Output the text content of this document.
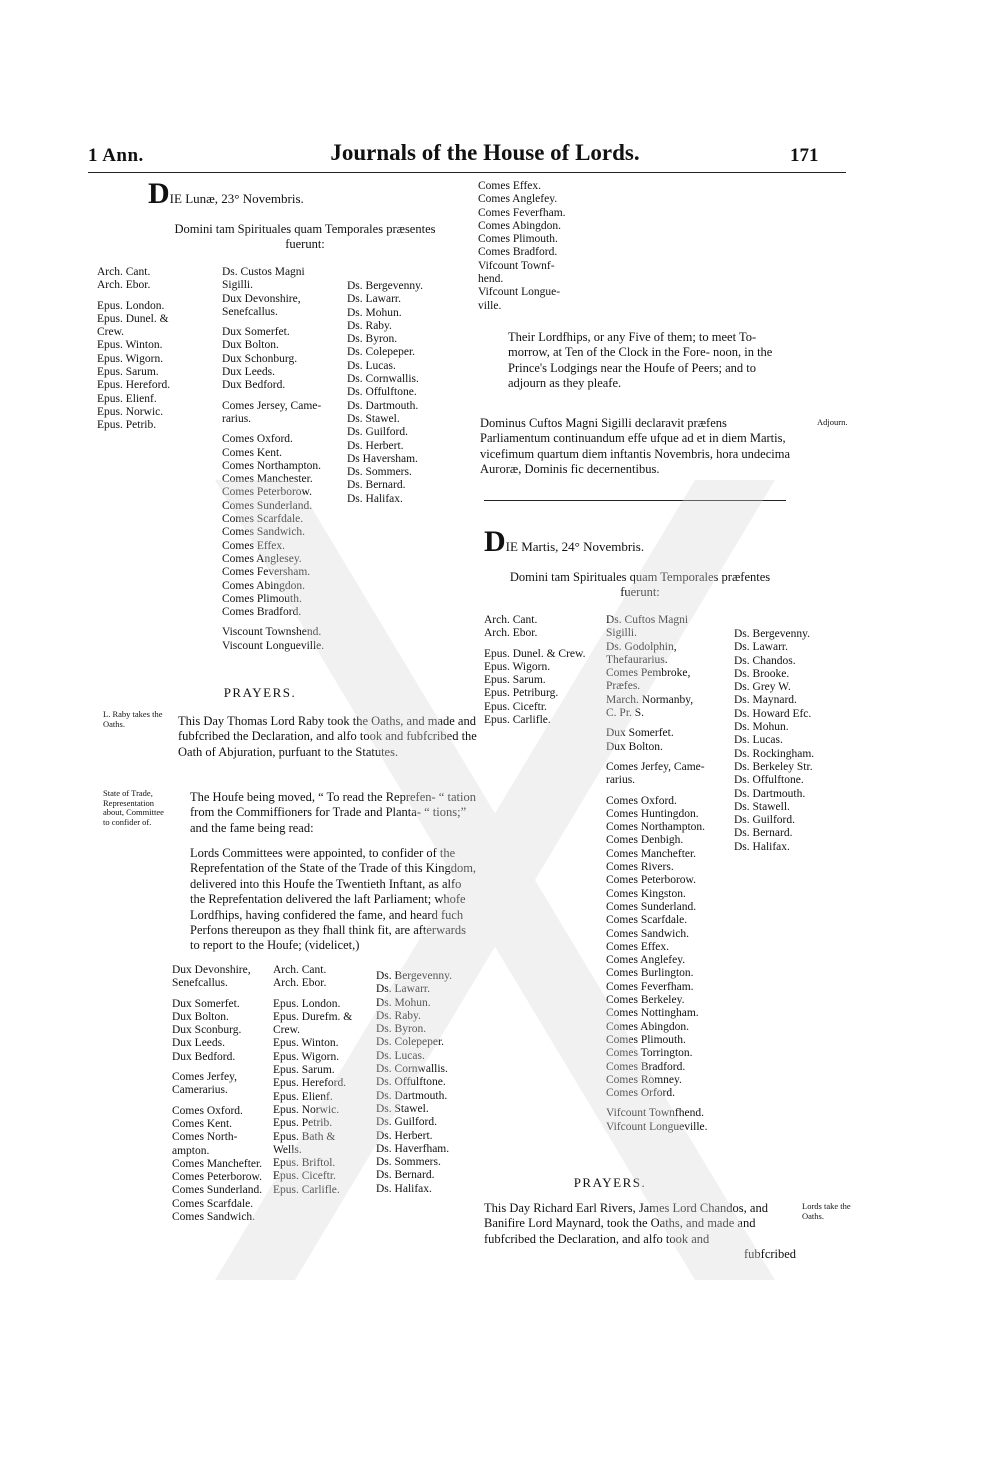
1 Ann.	Journals of the House of Lords.	171
DIE Lunæ, 23° Novembris.
Domini tam Spirituales quam Temporales præsentes
fuerunt:
Arch. Cant.
Arch. Ebor.
Epus. London.
Epus. Dunel. &
Crew.
Epus. Winton.
Epus. Wigorn.
Epus. Sarum.
Epus. Hereford.
Epus. Elienf.
Epus. Norwic.
Epus. Petrib.
Ds. Custos Magni
Sigilli.
Dux Devonshire,
Senefcallus.
Dux Somerfet.
Dux Bolton.
Dux Schonburg.
Dux Leeds.
Dux Bedford.
Comes Jersey, Came-
rarius.
Comes Oxford.
Comes Kent.
Comes Northampton.
Comes Manchester.
Comes Peterborow.
Comes Sunderland.
Comes Scarfdale.
Comes Sandwich.
Comes Effex.
Comes Anglesey.
Comes Feversham.
Comes Abingdon.
Comes Plimouth.
Comes Bradford.
Viscount Townshend.
Viscount Longueville.
Ds. Bergevenny.
Ds. Lawarr.
Ds. Mohun.
Ds. Raby.
Ds. Byron.
Ds. Colepeper.
Ds. Lucas.
Ds. Cornwallis.
Ds. Offulftone.
Ds. Dartmouth.
Ds. Stawel.
Ds. Guilford.
Ds. Herbert.
Ds Haversham.
Ds. Sommers.
Ds. Bernard.
Ds. Halifax.
PRAYERS.
L. Raby takes the Oaths.	This Day Thomas Lord Raby took the Oaths, and made and fubfcribed the Declaration, and alfo took and fubfcribed the Oath of Abjuration, purfuant to the Statutes.
State of Trade, Representation about, Committee to confider of.
The Houfe being moved, “ To read the Reprefen- “ tation from the Commiffioners for Trade and Planta- “ tions;” and the fame being read:
Lords Committees were appointed, to confider of the Reprefentation of the State of the Trade of this Kingdom, delivered into this Houfe the Twentieth Inftant, as alfo the Reprefentation delivered the laft Parliament; whofe Lordfhips, having confidered the fame, and heard fuch Perfons thereupon as they fhall think fit, are afterwards to report to the Houfe; (videlicet,)
Dux Devonshire,
Senefcallus.
Dux Somerfet.
Dux Bolton.
Dux Sconburg.
Dux Leeds.
Dux Bedford.
Comes Jerfey,
Camerarius.
Comes Oxford.
Comes Kent.
Comes North-
ampton.
Comes Manchefter.
Comes Peterborow.
Comes Sunderland.
Comes Scarfdale.
Comes Sandwich.
Arch. Cant.
Arch. Ebor.
Epus. London.
Epus. Durefm. &
Crew.
Epus. Winton.
Epus. Wigorn.
Epus. Sarum.
Epus. Hereford.
Epus. Elienf.
Epus. Norwic.
Epus. Petrib.
Epus. Bath &
Wells.
Epus. Briftol.
Epus. Ciceftr.
Epus. Carlifle.
Ds. Bergevenny.
Ds. Lawarr.
Ds. Mohun.
Ds. Raby.
Ds. Byron.
Ds. Colepeper.
Ds. Lucas.
Ds. Cornwallis.
Ds. Offulftone.
Ds. Dartmouth.
Ds. Stawel.
Ds. Guilford.
Ds. Herbert.
Ds. Haverfham.
Ds. Sommers.
Ds. Bernard.
Ds. Halifax.
Comes Effex.
Comes Anglefey.
Comes Feverfham.
Comes Abingdon.
Comes Plimouth.
Comes Bradford.
Vifcount Townf-
hend.
Vifcount Longue-
ville.
Their Lordfhips, or any Five of them; to meet To-morrow, at Ten of the Clock in the Fore- noon, in the Prince's Lodgings near the Houfe of Peers; and to adjourn as they pleafe.
Dominus Cuftos Magni Sigilli declaravit præfens Parliamentum continuandum effe ufque ad et in diem Martis, vicefimum quartum diem inftantis Novembris, hora undecima Auroræ, Dominis fic decernentibus.
Adjourn.
DIE Martis, 24° Novembris.
Domini tam Spirituales quam Temporales præfentes
fuerunt:
Arch. Cant.
Arch. Ebor.
Epus. Dunel. & Crew.
Epus. Wigorn.
Epus. Sarum.
Epus. Petriburg.
Epus. Ciceftr.
Epus. Carlifle.
Ds. Cuftos Magni
Sigilli.
Ds. Godolphin,
Thefaurarius.
Comes Pembroke,
Præfes.
March. Normanby,
C. Pr. S.
Dux Somerfet.
Dux Bolton.
Comes Jerfey, Came-
rarius.
Comes Oxford.
Comes Huntingdon.
Comes Northampton.
Comes Denbigh.
Comes Manchefter.
Comes Rivers.
Comes Peterborow.
Comes Kingston.
Comes Sunderland.
Comes Scarfdale.
Comes Sandwich.
Comes Effex.
Comes Anglefey.
Comes Burlington.
Comes Feverfham.
Comes Berkeley.
Comes Nottingham.
Comes Abingdon.
Comes Plimouth.
Comes Torrington.
Comes Bradford.
Comes Romney.
Comes Orford.
Vifcount Townfhend.
Vifcount Longueville.
Ds. Bergevenny.
Ds. Lawarr.
Ds. Chandos.
Ds. Brooke.
Ds. Grey W.
Ds. Maynard.
Ds. Howard Efc.
Ds. Mohun.
Ds. Lucas.
Ds. Rockingham.
Ds. Berkeley Str.
Ds. Offulftone.
Ds. Dartmouth.
Ds. Stawell.
Ds. Guilford.
Ds. Bernard.
Ds. Halifax.
PRAYERS.
This Day Richard Earl Rivers, James Lord Chandos, and Banifire Lord Maynard, took the Oaths, and made and fubfcribed the Declaration, and alfo took and
fubfcribed
Lords take the Oaths.
